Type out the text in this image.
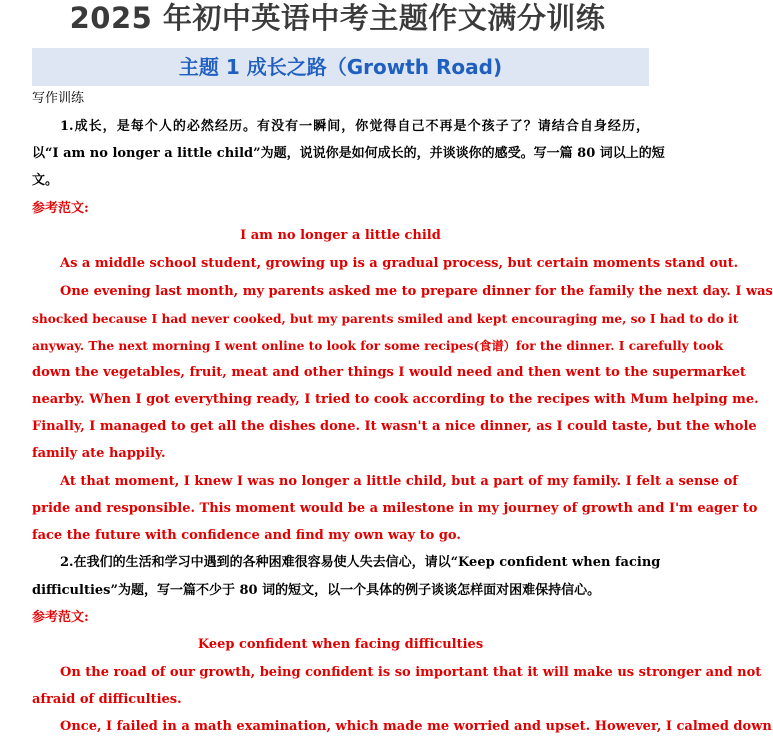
2025 年初中英语中考主题作文满分训练
主题 1 成长之路（Growth Road)
写作训练
1.成长，是每个人的必然经历。有没有一瞬间，你觉得自己不再是个孩子了？请结合自身经历，
以“I am no longer a little child”为题，说说你是如何成长的，并谈谈你的感受。写一篇 80 词以上的短
文。
参考范文:
I am no longer a little child
As a middle school student, growing up is a gradual process, but certain moments stand out.
One evening last month, my parents asked me to prepare dinner for the family the next day. I was
shocked because I had never cooked, but my parents smiled and kept encouraging me, so I had to do it
anyway. The next morning I went online to look for some recipes(食谱）for the dinner. I carefully took
down the vegetables, fruit, meat and other things I would need and then went to the supermarket
nearby. When I got everything ready, I tried to cook according to the recipes with Mum helping me.
Finally, I managed to get all the dishes done. It wasn't a nice dinner, as I could taste, but the whole
family ate happily.
At that moment, I knew I was no longer a little child, but a part of my family. I felt a sense of
pride and responsible. This moment would be a milestone in my journey of growth and I'm eager to
face the future with confidence and find my own way to go.
2.在我们的生活和学习中遇到的各种困难很容易使人失去信心，请以“Keep confident when facing
difficulties”为题，写一篇不少于 80 词的短文，以一个具体的例子谈谈怎样面对困难保持信心。
参考范文:
Keep confident when facing difficulties
On the road of our growth, being confident is so important that it will make us stronger and not
afraid of difficulties.
Once, I failed in a math examination, which made me worried and upset. However, I calmed down
